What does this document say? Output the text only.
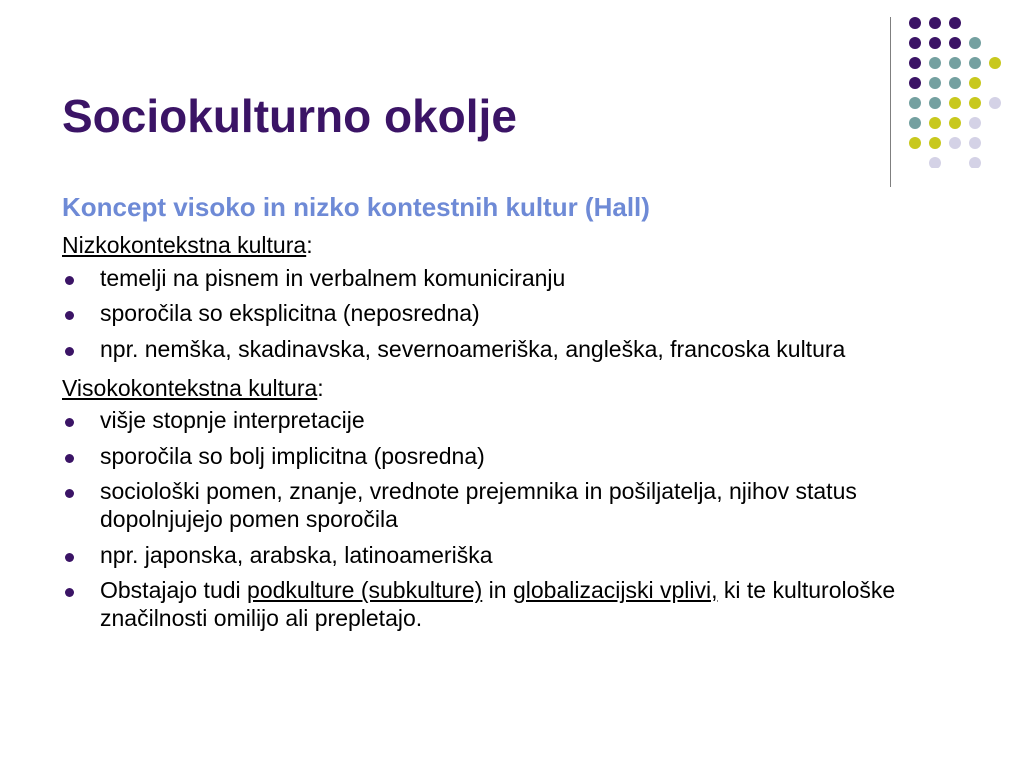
Sociokulturno okolje

Koncept visoko in nizko kontestnih kultur (Hall)

Nizkokontekstna kultura:

temelji na pisnem in verbalnem komuniciranju
sporočila so eksplicitna (neposredna)
npr. nemška, skadinavska, severnoameriška, angleška, francoska kultura

Visokokontekstna kultura:

višje stopnje interpretacije
sporočila so bolj implicitna (posredna)
sociološki pomen, znanje, vrednote prejemnika in pošiljatelja, njihov status dopolnjujejo pomen sporočila
npr. japonska, arabska, latinoameriška
Obstajajo tudi podkulture (subkulture) in globalizacijski vplivi, ki te kulturološke značilnosti omilijo ali prepletajo.
